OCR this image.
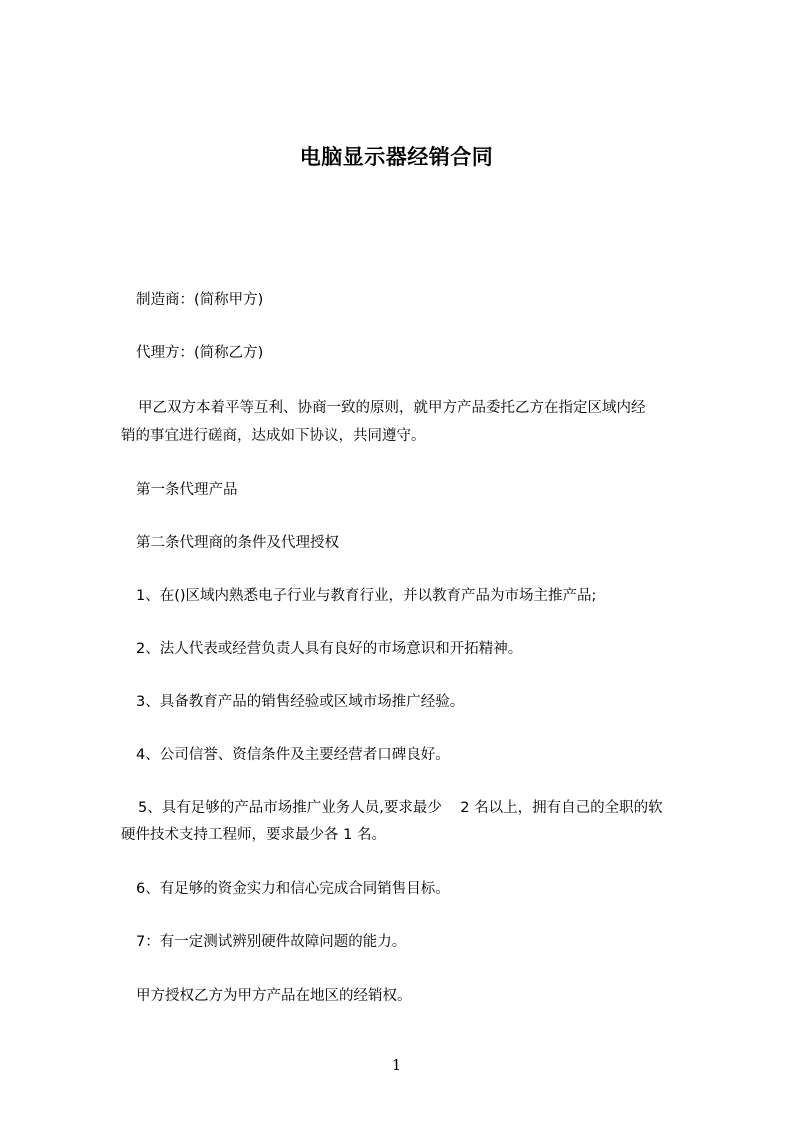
电脑显示器经销合同
制造商：(简称甲方)
代理方：(简称乙方)
甲乙双方本着平等互利、协商一致的原则，就甲方产品委托乙方在指定区域内经
销的事宜进行磋商，达成如下协议，共同遵守。
第一条代理产品
第二条代理商的条件及代理授权
1、在()区域内熟悉电子行业与教育行业，并以教育产品为市场主推产品;
2、法人代表或经营负责人具有良好的市场意识和开拓精神。
3、具备教育产品的销售经验或区域市场推广经验。
4、公司信誉、资信条件及主要经营者口碑良好。
5、具有足够的产品市场推广业务人员,要求最少    2 名以上，拥有自己的全职的软
硬件技术支持工程师，要求最少各 1 名。
6、有足够的资金实力和信心完成合同销售目标。
7：有一定测试辨别硬件故障问题的能力。
甲方授权乙方为甲方产品在地区的经销权。
1
